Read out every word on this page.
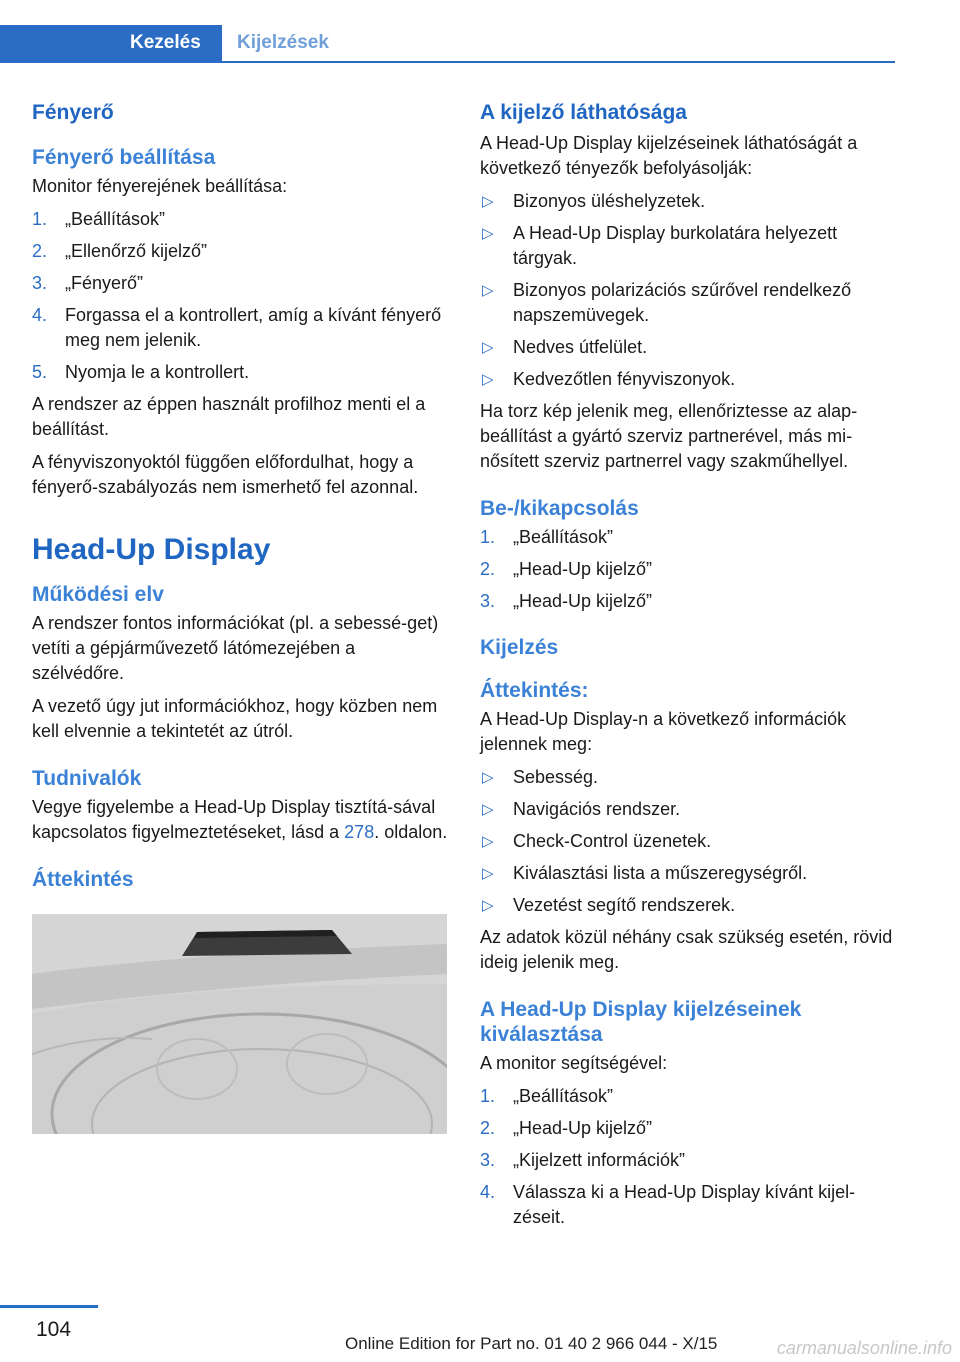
Kezelés	Kijelzések
Fényerő
Fényerő beállítása

Monitor fényerejének beállítása:

1. „Beállítások”
2. „Ellenőrző kijelző”
3. „Fényerő”
4. Forgassa el a kontrollert, amíg a kívánt fényerő meg nem jelenik.
5. Nyomja le a kontrollert.

A rendszer az éppen használt profilhoz menti el a beállítást.

A fényviszonyoktól függően előfordulhat, hogy a fényerő-szabályozás nem ismerhető fel azonnal.

Head-Up Display
Működési elv

A rendszer fontos információkat (pl. a sebessé-get) vetíti a gépjárművezető látómezejében a szélvédőre.

A vezető úgy jut információkhoz, hogy közben nem kell elvennie a tekintetét az útról.

Tudnivalók

Vegye figyelembe a Head-Up Display tisztítá-sával kapcsolatos figyelmeztetéseket, lásd a 278. oldalon.

Áttekintés
A kijelző láthatósága

A Head-Up Display kijelzéseinek láthatóságát a következő tényezők befolyásolják:

▷ Bizonyos üléshelyzetek.
▷ A Head-Up Display burkolatára helyezett tárgyak.
▷ Bizonyos polarizációs szűrővel rendelkező napszemüvegek.
▷ Nedves útfelület.
▷ Kedvezőtlen fényviszonyok.

Ha torz kép jelenik meg, ellenőriztesse az alap-beállítást a gyártó szerviz partnerével, más mi-nősített szerviz partnerrel vagy szakműhellyel.

Be-/kikapcsolás
1. „Beállítások”
2. „Head-Up kijelző”
3. „Head-Up kijelző”
Kijelzés
Áttekintés:

A Head-Up Display-n a következő információk jelennek meg:

▷ Sebesség.
▷ Navigációs rendszer.
▷ Check-Control üzenetek.
▷ Kiválasztási lista a műszeregységről.
▷ Vezetést segítő rendszerek.

Az adatok közül néhány csak szükség esetén, rövid ideig jelenik meg.

A Head-Up Display kijelzéseinek kiválasztása

A monitor segítségével:

1. „Beállítások”
2. „Head-Up kijelző”
3. „Kijelzett információk”
4. Válassza ki a Head-Up Display kívánt kijel-zéseit.
104
Online Edition for Part no. 01 40 2 966 044 - X/15	carmanualsonline.info
